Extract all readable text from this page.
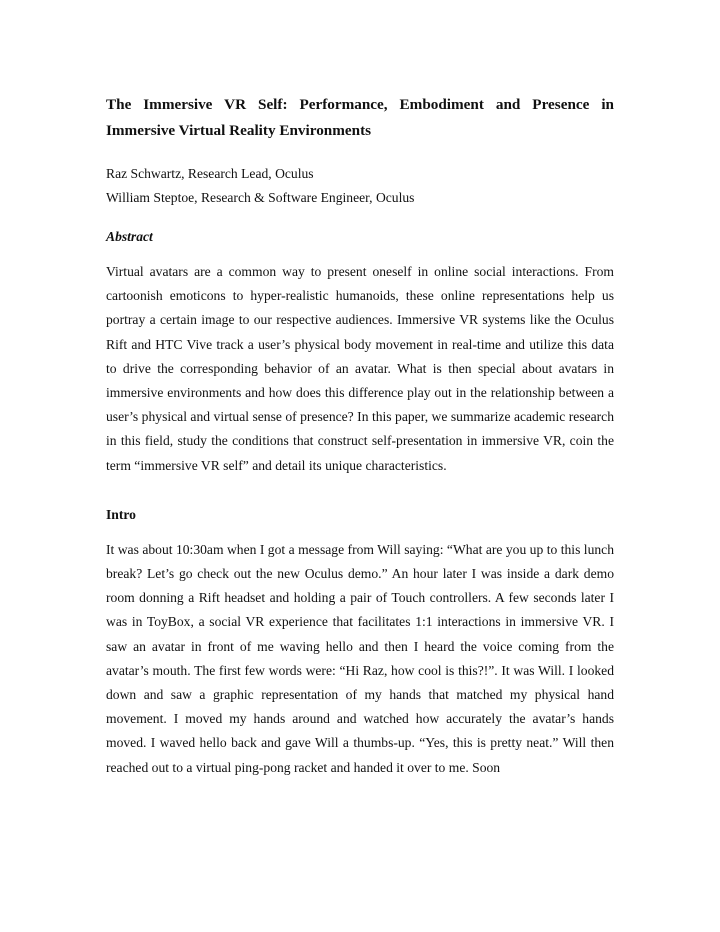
The Immersive VR Self: Performance, Embodiment and Presence in Immersive Virtual Reality Environments
Raz Schwartz, Research Lead, Oculus
William Steptoe, Research & Software Engineer, Oculus
Abstract

Virtual avatars are a common way to present oneself in online social interactions. From cartoonish emoticons to hyper-realistic humanoids, these online representations help us portray a certain image to our respective audiences. Immersive VR systems like the Oculus Rift and HTC Vive track a user’s physical body movement in real-time and utilize this data to drive the corresponding behavior of an avatar. What is then special about avatars in immersive environments and how does this difference play out in the relationship between a user’s physical and virtual sense of presence? In this paper, we summarize academic research in this field, study the conditions that construct self-presentation in immersive VR, coin the term “immersive VR self” and detail its unique characteristics.

Intro

It was about 10:30am when I got a message from Will saying: “What are you up to this lunch break? Let’s go check out the new Oculus demo.” An hour later I was inside a dark demo room donning a Rift headset and holding a pair of Touch controllers. A few seconds later I was in ToyBox, a social VR experience that facilitates 1:1 interactions in immersive VR. I saw an avatar in front of me waving hello and then I heard the voice coming from the avatar’s mouth. The first few words were: “Hi Raz, how cool is this?!”. It was Will. I looked down and saw a graphic representation of my hands that matched my physical hand movement. I moved my hands around and watched how accurately the avatar’s hands moved. I waved hello back and gave Will a thumbs-up. “Yes, this is pretty neat.” Will then reached out to a virtual ping-pong racket and handed it over to me. Soon
